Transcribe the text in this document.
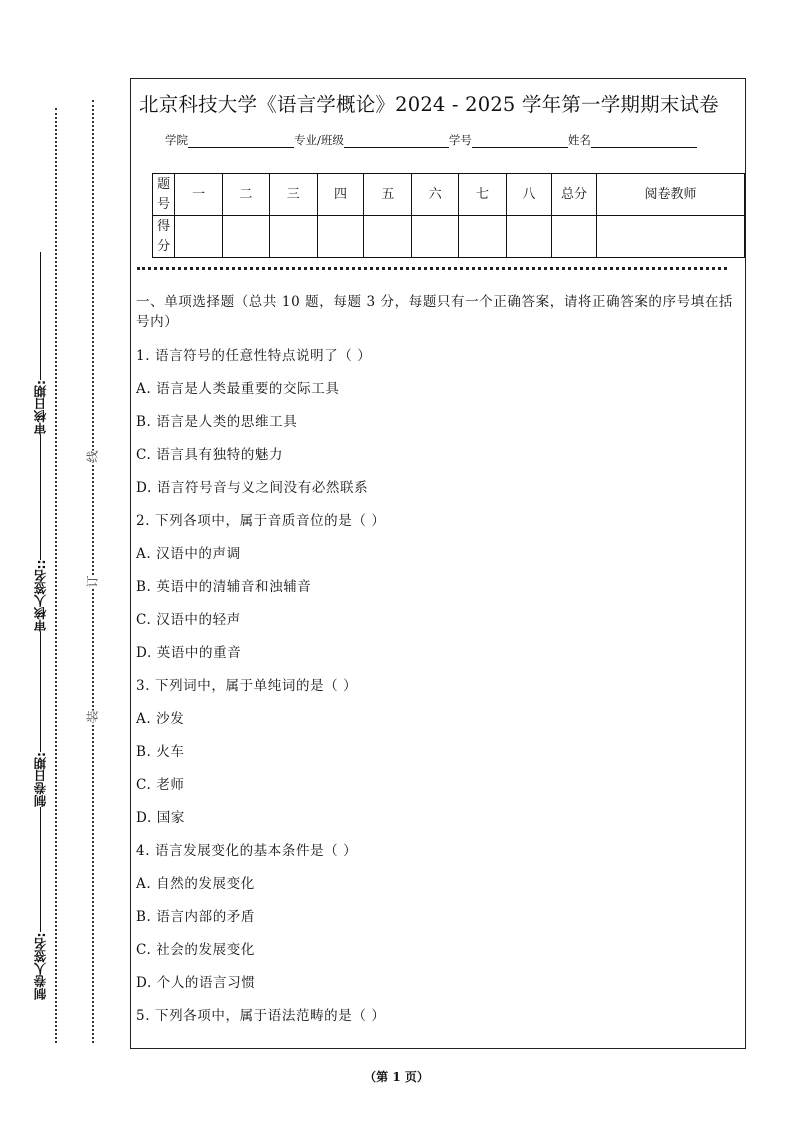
制卷人签名:
制卷日期:
审核人签名::
审核日期:
线
订
装
北京科技大学《语言学概论》2024 - 2025 学年第一学期期末试卷
学院	专业/班级	学号	姓名
题号	一	二	三	四	五	六	七	八	总分	阅卷教师
得分										
一、单项选择题（总共 10 题，每题 3 分，每题只有一个正确答案，请将正确答案的序号填在括号内）
1. 语言符号的任意性特点说明了（ ）
A. 语言是人类最重要的交际工具
B. 语言是人类的思维工具
C. 语言具有独特的魅力
D. 语言符号音与义之间没有必然联系
2. 下列各项中，属于音质音位的是（ ）
A. 汉语中的声调
B. 英语中的清辅音和浊辅音
C. 汉语中的轻声
D. 英语中的重音
3. 下列词中，属于单纯词的是（ ）
A. 沙发
B. 火车
C. 老师
D. 国家
4. 语言发展变化的基本条件是（ ）
A. 自然的发展变化
B. 语言内部的矛盾
C. 社会的发展变化
D. 个人的语言习惯
5. 下列各项中，属于语法范畴的是（ ）
（第 1 页）
